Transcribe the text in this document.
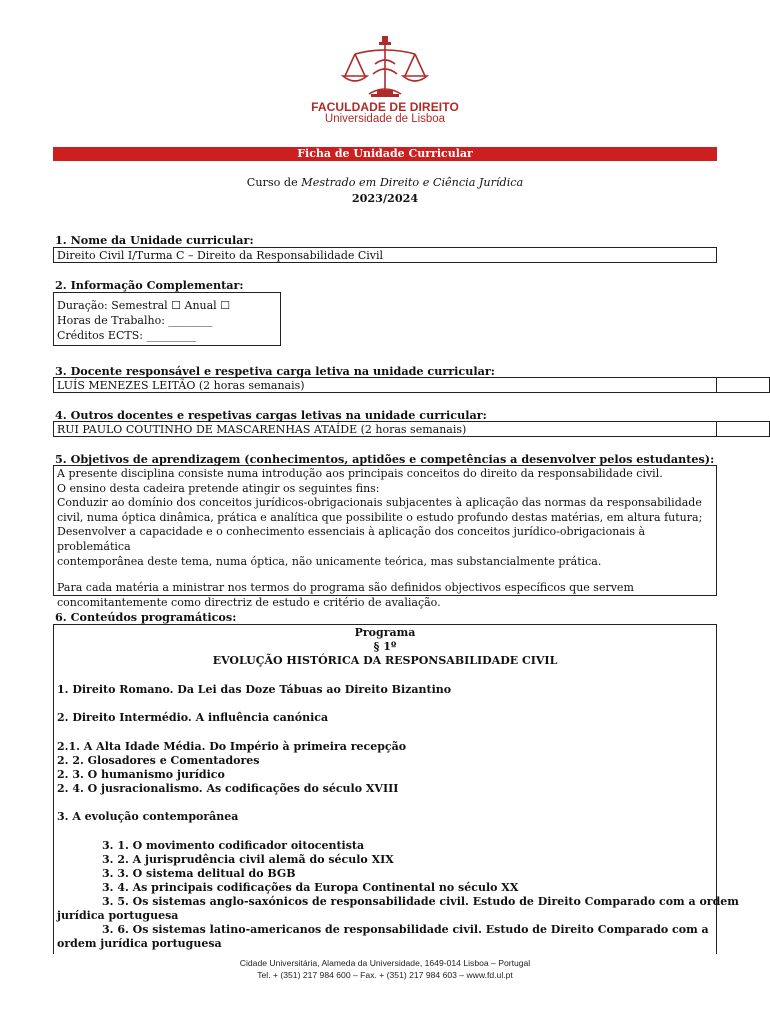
FACULDADE DE DIREITO
Universidade de Lisboa
Ficha de Unidade Curricular
Curso de Mestrado em Direito e Ciência Jurídica
2023/2024
1. Nome da Unidade curricular:
Direito Civil I/Turma C – Direito da Responsabilidade Civil
2. Informação Complementar:
Duração: Semestral ☐ Anual ☐
Horas de Trabalho: ________
Créditos ECTS: _________
3. Docente responsável e respetiva carga letiva na unidade curricular:
LUÍS MENEZES LEITÃO (2 horas semanais)
4. Outros docentes e respetivas cargas letivas na unidade curricular:
RUI PAULO COUTINHO DE MASCARENHAS ATAÍDE (2 horas semanais)
5. Objetivos de aprendizagem (conhecimentos, aptidões e competências a desenvolver pelos estudantes):
A presente disciplina consiste numa introdução aos principais conceitos do direito da responsabilidade civil.
O ensino desta cadeira pretende atingir os seguintes fins:
Conduzir ao domínio dos conceitos jurídicos-obrigacionais subjacentes à aplicação das normas da responsabilidade
civil, numa óptica dinâmica, prática e analítica que possibilite o estudo profundo destas matérias, em altura futura;
Desenvolver a capacidade e o conhecimento essenciais à aplicação dos conceitos jurídico-obrigacionais à problemática
contemporânea deste tema, numa óptica, não unicamente teórica, mas substancialmente prática.
Para cada matéria a ministrar nos termos do programa são definidos objectivos específicos que servem
concomitantemente como directriz de estudo e critério de avaliação.
6. Conteúdos programáticos:
Programa
§ 1º
EVOLUÇÃO HISTÓRICA DA RESPONSABILIDADE CIVIL
1. Direito Romano. Da Lei das Doze Tábuas ao Direito Bizantino
2. Direito Intermédio. A influência canónica
2.1. A Alta Idade Média. Do Império à primeira recepção
2. 2. Glosadores e Comentadores
2. 3. O humanismo jurídico
2. 4. O jusracionalismo. As codificações do século XVIII
3. A evolução contemporânea
3. 1. O movimento codificador oitocentista
3. 2. A jurisprudência civil alemã do século XIX
3. 3. O sistema delitual do BGB
3. 4. As principais codificações da Europa Continental no século XX
3. 5. Os sistemas anglo-saxónicos de responsabilidade civil. Estudo de Direito Comparado com a ordem
jurídica portuguesa
3. 6. Os sistemas latino-americanos de responsabilidade civil. Estudo de Direito Comparado com a
ordem jurídica portuguesa
Cidade Universitária, Alameda da Universidade, 1649-014 Lisboa – Portugal
Tel. + (351) 217 984 600 – Fax. + (351) 217 984 603 – www.fd.ul.pt
